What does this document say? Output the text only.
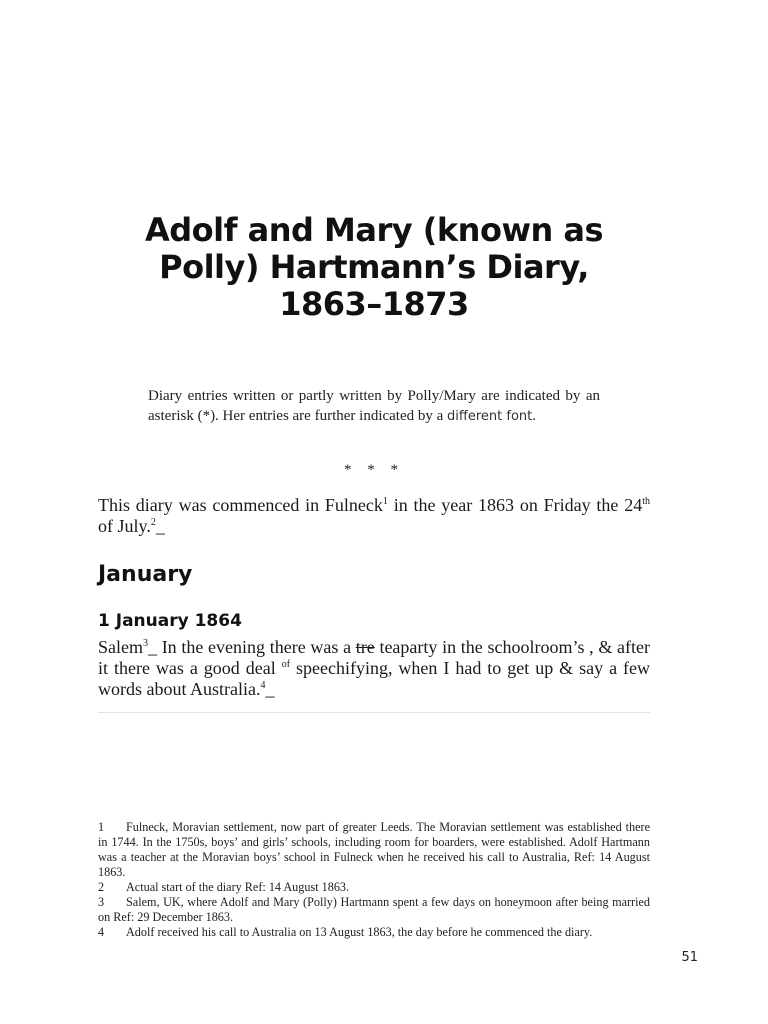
Adolf and Mary (known as
Polly) Hartmann’s Diary,
1863–1873

Diary entries written or partly written by Polly/Mary are indicated by an asterisk (*). Her entries are further indicated by a different font.

* * *

This diary was commenced in Fulneck$^1$ in the year 1863 on Friday the 24th of July.$^2$_

January
1 January 1864

Salem$^3$_ In the evening there was a tre teaparty in the schoolroom’s , & after it there was a good deal $^{of}$ speechifying, when I had to get up & say a few words about Australia.$^4$_

1 Fulneck, Moravian settlement, now part of greater Leeds. The Moravian settlement was established there in 1744. In the 1750s, boys’ and girls’ schools, including room for boarders, were established. Adolf Hartmann was a teacher at the Moravian boys’ school in Fulneck when he received his call to Australia, Ref: 14 August 1863.
2 Actual start of the diary Ref: 14 August 1863.
3 Salem, UK, where Adolf and Mary (Polly) Hartmann spent a few days on honeymoon after being married on Ref: 29 December 1863.
4 Adolf received his call to Australia on 13 August 1863, the day before he commenced the diary.
51
